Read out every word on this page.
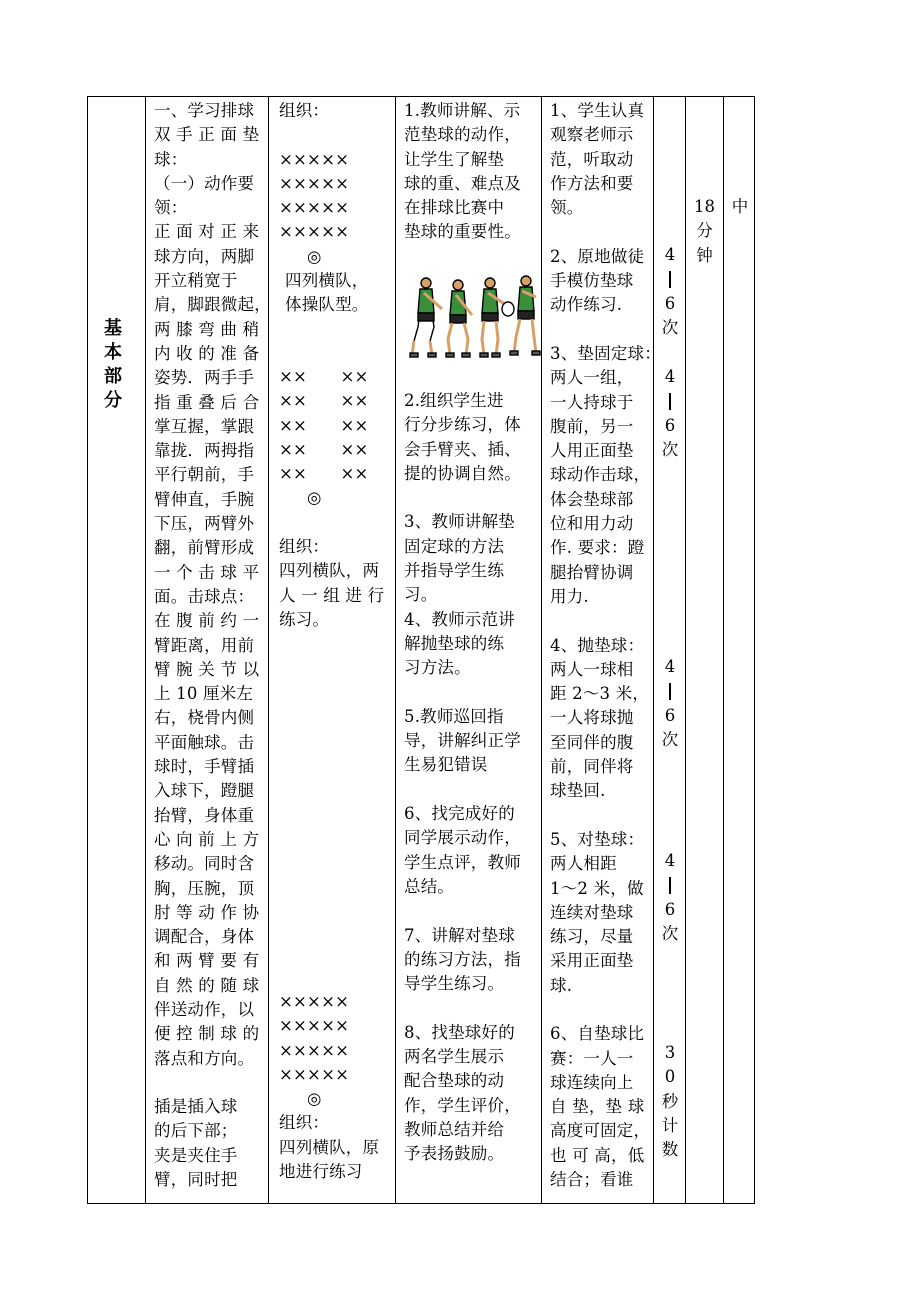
基
本
部
分
一、学习排球
双 手 正 面 垫
球：
（一）动作要
领：
正 面 对 正 来
球方向，两脚
开立稍宽于
肩，脚跟微起，
两 膝 弯 曲 稍
内 收 的 准 备
姿势．两手手
指 重 叠 后 合
掌互握，掌跟
靠拢．两拇指
平行朝前，手
臂伸直，手腕
下压，两臂外
翻，前臂形成
一 个 击 球 平
面。击球点：
在 腹 前 约 一
臂距离，用前
臂 腕 关 节 以
上 10 厘米左
右，桡骨内侧
平面触球。击
球时，手臂插
入球下，蹬腿
抬臂，身体重
心 向 前 上 方
移动。同时含
胸，压腕，顶
肘 等 动 作 协
调配合，身体
和 两 臂 要 有
自 然 的 随 球
伴送动作，以
便 控 制 球 的
落点和方向。

插是插入球
的后下部；
夹是夹住手
臂，同时把
组织：

×××××
×××××
×××××
×××××
◎
四列横队，
体操队型。
××　　××
××　　××
××　　××
××　　××
××　　××
◎

组织：
四列横队，两
人 一 组 进 行
练习。
×××××
×××××
×××××
×××××
◎
组织：
四列横队，原
地进行练习
1.教师讲解、示
范垫球的动作，
让学生了解垫
球的重、难点及
在排球比赛中
垫球的重要性。
2.组织学生进
行分步练习，体
会手臂夹、插、
提的协调自然。

3、教师讲解垫
固定球的方法
并指导学生练
习。
4、教师示范讲
解抛垫球的练
习方法。

5.教师巡回指
导，讲解纠正学
生易犯错误

6、找完成好的
同学展示动作，
学生点评，教师
总结。

7、讲解对垫球
的练习方法，指
导学生练习。

8、找垫球好的
两名学生展示
配合垫球的动
作，学生评价，
教师总结并给
予表扬鼓励。
1、学生认真
观察老师示
范，听取动
作方法和要
领。

2、原地做徒
手模仿垫球
动作练习.

3、垫固定球：
两人一组，
一人持球于
腹前，另一
人用正面垫
球动作击球，
体会垫球部
位和用力动
作. 要求：蹬
腿抬臂协调
用力.

4、抛垫球：
两人一球相
距 2～3 米，
一人将球抛
至同伴的腹
前，同伴将
球垫回.

5、对垫球：
两人相距
1～2 米，做
连续对垫球
练习，尽量
采用正面垫
球.

6、自垫球比
赛：一人一
球连续向上
自 垫，垫 球
高度可固定，
也 可 高，低
结合；看谁
4
6
次
4
6
次
4
6
次
4
6
次
3
0
秒
计
数
18
分
钟
中
